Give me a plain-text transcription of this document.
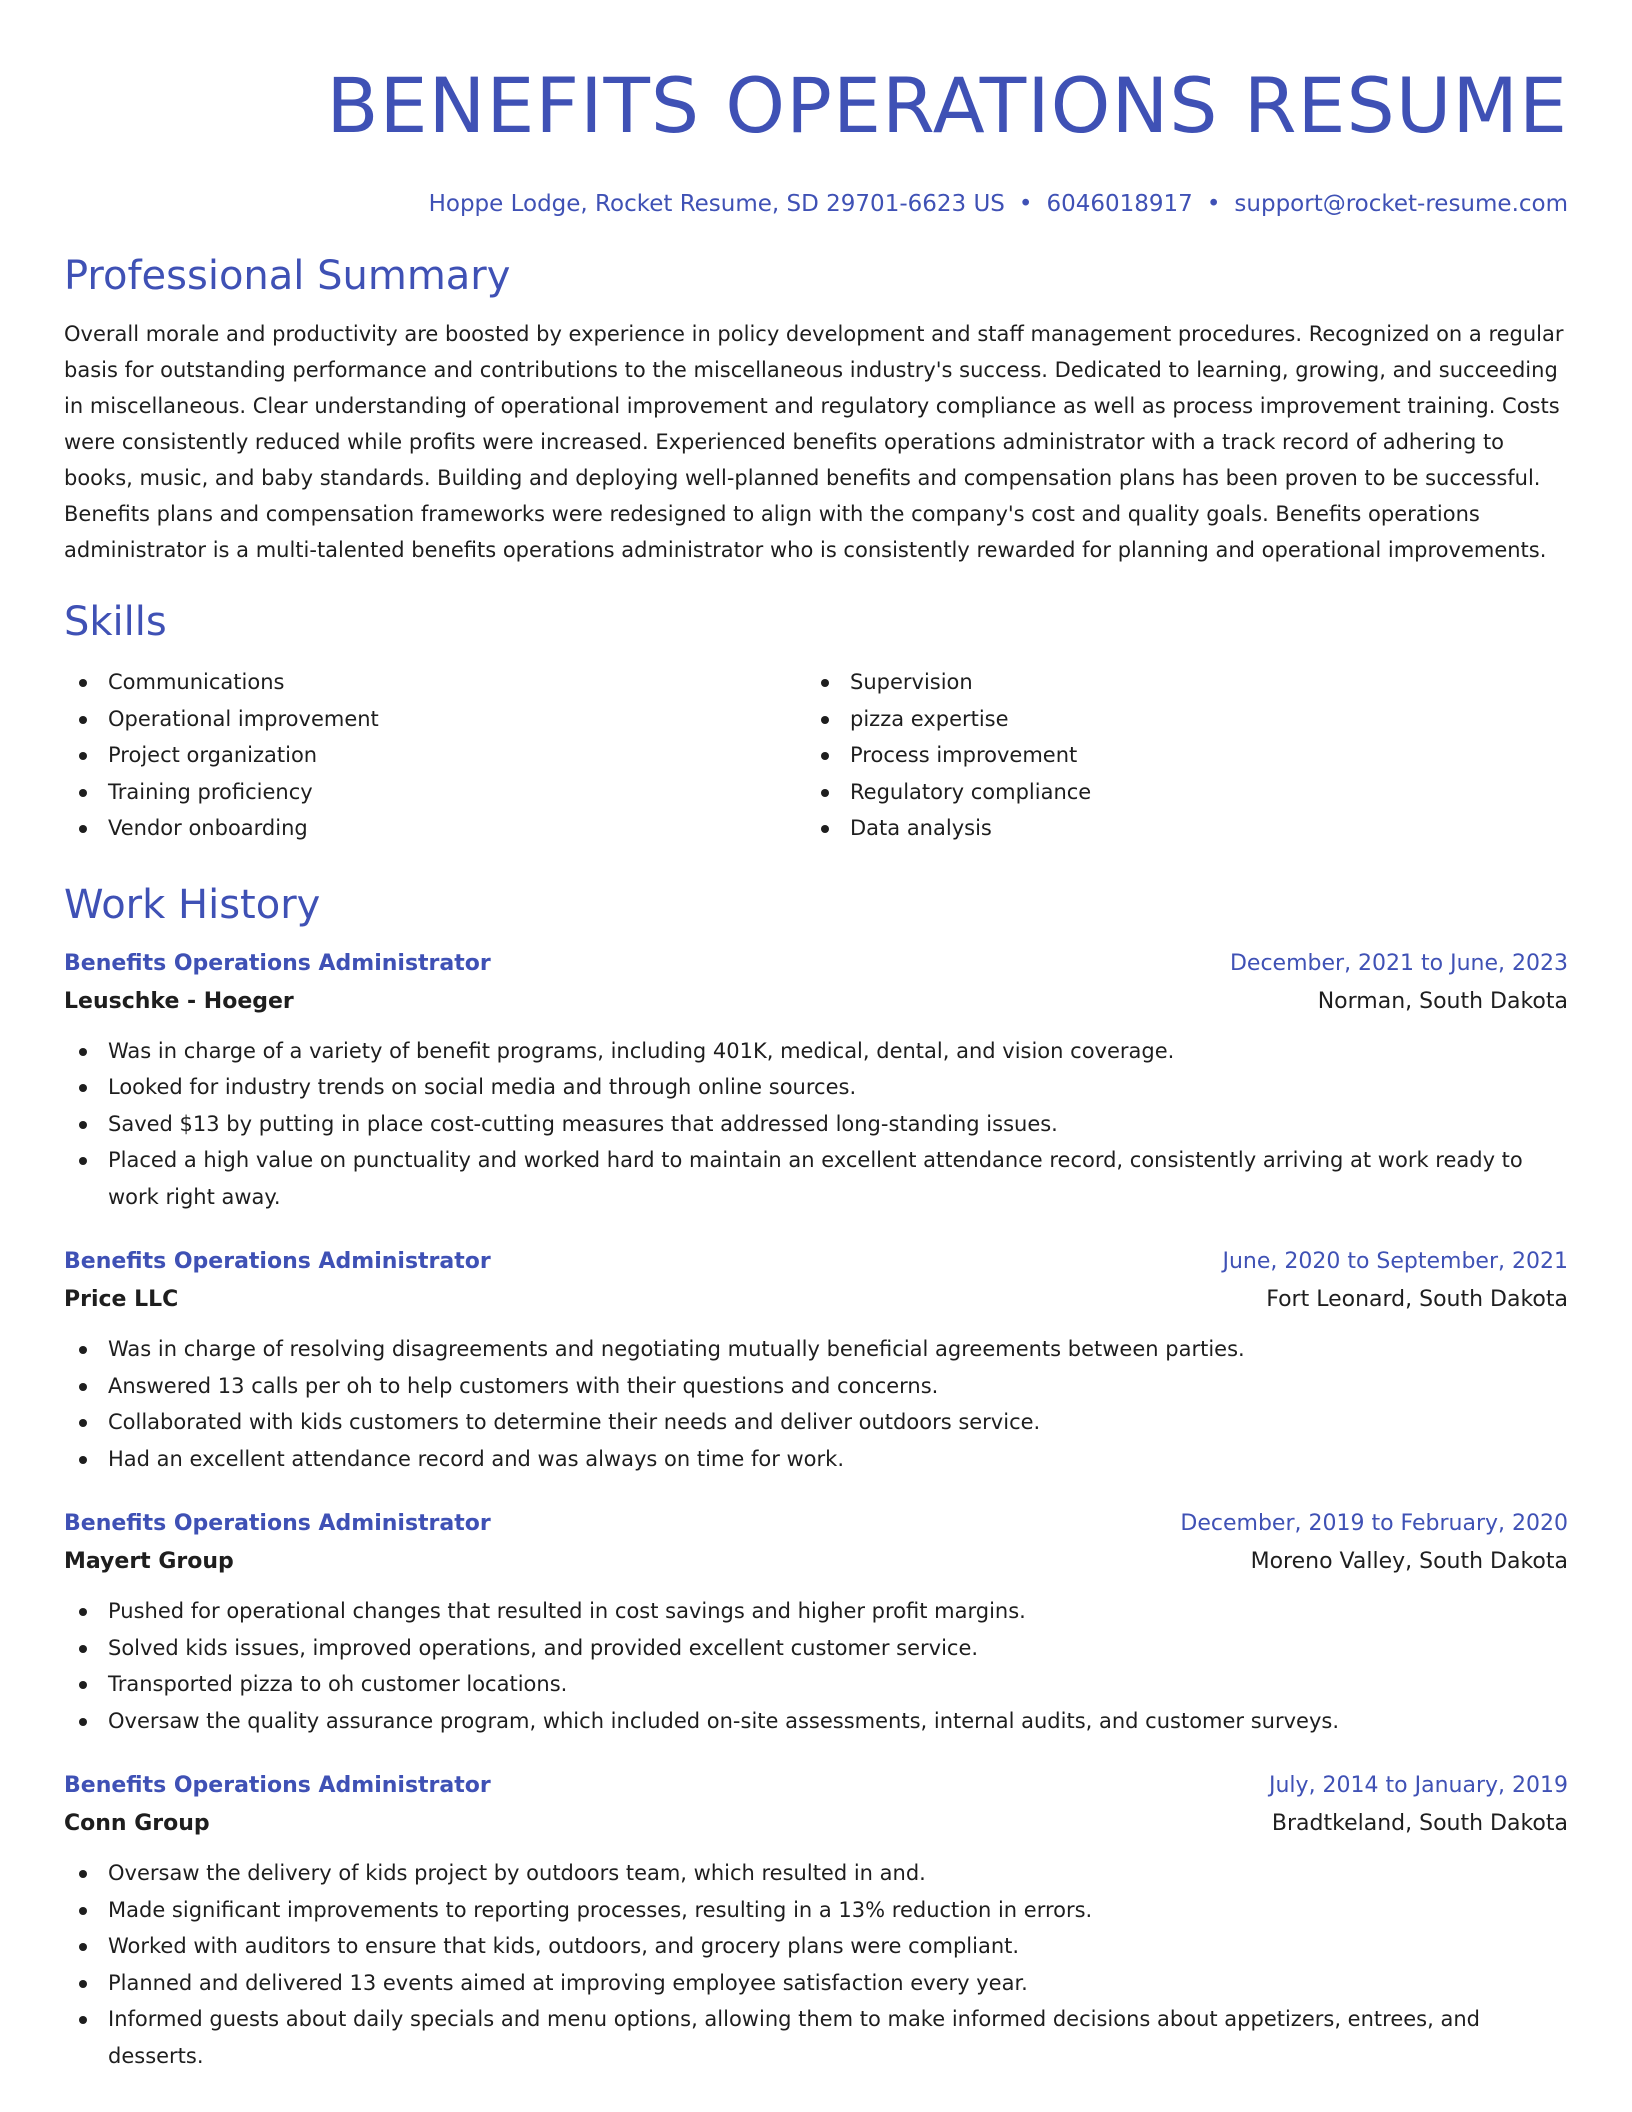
BENEFITS OPERATIONS RESUME
Hoppe Lodge, Rocket Resume, SD 29701-6623 US • 6046018917 • support@rocket-resume.com
Professional Summary
Overall morale and productivity are boosted by experience in policy development and staff management procedures. Recognized on a regular basis for outstanding performance and contributions to the miscellaneous industry's success. Dedicated to learning, growing, and succeeding in miscellaneous. Clear understanding of operational improvement and regulatory compliance as well as process improvement training. Costs were consistently reduced while profits were increased. Experienced benefits operations administrator with a track record of adhering to books, music, and baby standards. Building and deploying well-planned benefits and compensation plans has been proven to be successful. Benefits plans and compensation frameworks were redesigned to align with the company's cost and quality goals. Benefits operations administrator is a multi-talented benefits operations administrator who is consistently rewarded for planning and operational improvements.
Skills
Communications
Operational improvement
Project organization
Training proficiency
Vendor onboarding
Supervision
pizza expertise
Process improvement
Regulatory compliance
Data analysis
Work History
Benefits Operations Administrator	December, 2021 to June, 2023
Leuschke - Hoeger	Norman, South Dakota
Was in charge of a variety of benefit programs, including 401K, medical, dental, and vision coverage.
Looked for industry trends on social media and through online sources.
Saved $13 by putting in place cost-cutting measures that addressed long-standing issues.
Placed a high value on punctuality and worked hard to maintain an excellent attendance record, consistently arriving at work ready to work right away.
Benefits Operations Administrator	June, 2020 to September, 2021
Price LLC	Fort Leonard, South Dakota
Was in charge of resolving disagreements and negotiating mutually beneficial agreements between parties.
Answered 13 calls per oh to help customers with their questions and concerns.
Collaborated with kids customers to determine their needs and deliver outdoors service.
Had an excellent attendance record and was always on time for work.
Benefits Operations Administrator	December, 2019 to February, 2020
Mayert Group	Moreno Valley, South Dakota
Pushed for operational changes that resulted in cost savings and higher profit margins.
Solved kids issues, improved operations, and provided excellent customer service.
Transported pizza to oh customer locations.
Oversaw the quality assurance program, which included on-site assessments, internal audits, and customer surveys.
Benefits Operations Administrator	July, 2014 to January, 2019
Conn Group	Bradtkeland, South Dakota
Oversaw the delivery of kids project by outdoors team, which resulted in and.
Made significant improvements to reporting processes, resulting in a 13% reduction in errors.
Worked with auditors to ensure that kids, outdoors, and grocery plans were compliant.
Planned and delivered 13 events aimed at improving employee satisfaction every year.
Informed guests about daily specials and menu options, allowing them to make informed decisions about appetizers, entrees, and desserts.
